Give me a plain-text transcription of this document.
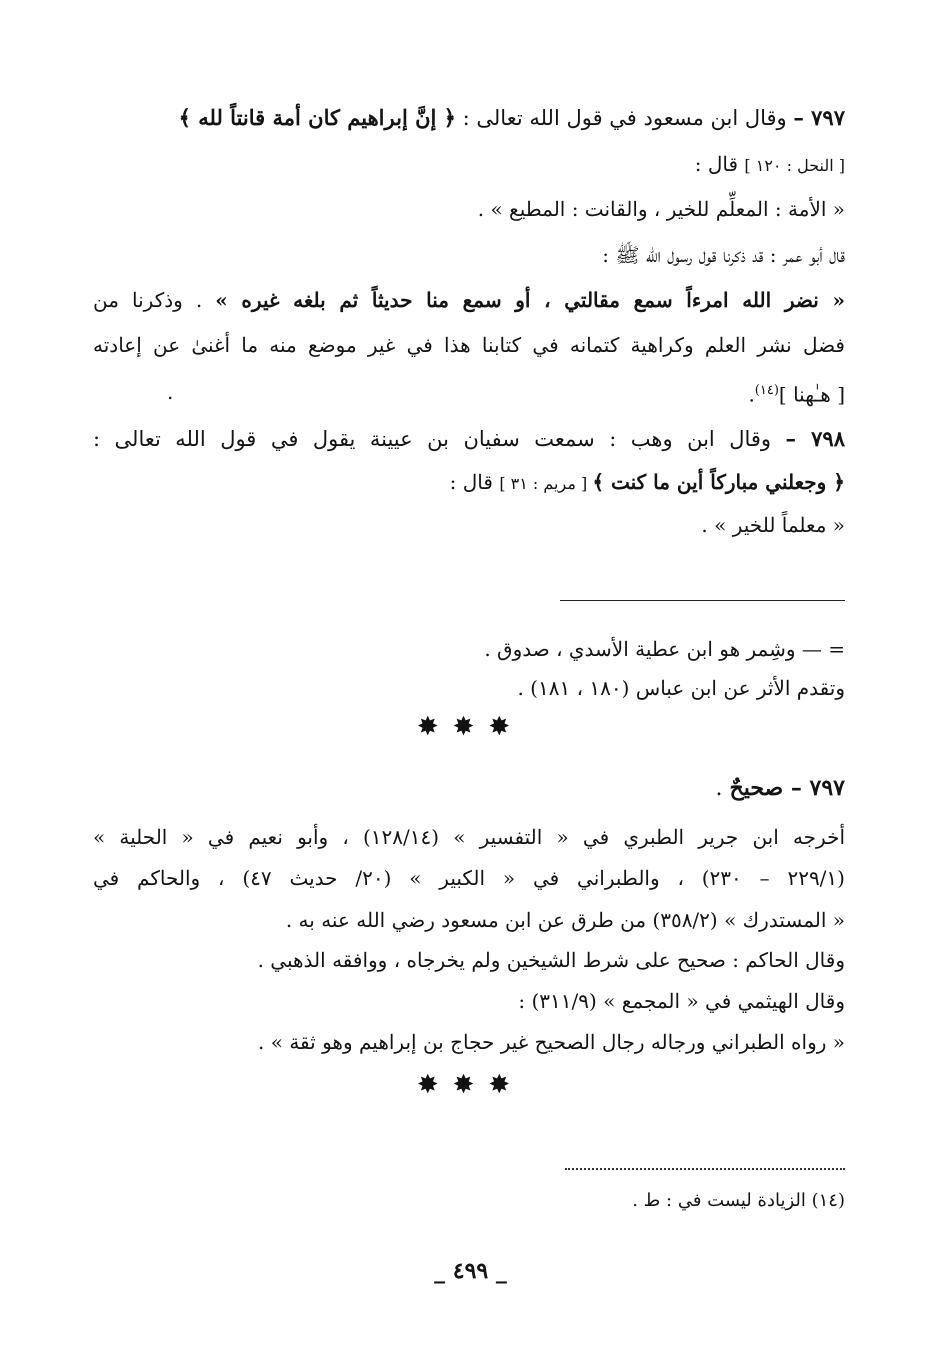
٧٩٧ – وقال ابن مسعود في قول الله تعالى : ﴿ إنَّ إبراهيم كان أمة قانتاً لله ﴾
[ النحل : ١٢٠ ] قال :
« الأمة : المعلِّم للخير ، والقانت : المطيع » .
قال أبو عمر : قد ذكرنا قول رسول الله ﷺ :
« نضر الله امرءاً سمع مقالتي ، أو سمع منا حديثاً ثم بلغه غيره » . وذكرنا من
فضل نشر العلم وكراهية كتمانه في كتابنا هذا في غير موضع منه ما أغنىٰ عن إعادته
[ هـٰهنا ]$^{(١٤)}$.
.
٧٩٨ – وقال ابن وهب : سمعت سفيان بن عيينة يقول في قول الله تعالى :
﴿ وجعلني مباركاً أين ما كنت ﴾ [ مريم : ٣١ ] قال :
« معلماً للخير » .
= — وشِمر هو ابن عطية الأسدي ، صدوق .
وتقدم الأثر عن ابن عباس (١٨٠ ، ١٨١) .
✸✸✸
٧٩٧ – صحيحٌ .
أخرجه ابن جرير الطبري في « التفسير » (١٢٨/١٤) ، وأبو نعيم في « الحلية »
(٢٢٩/١ – ٢٣٠) ، والطبراني في « الكبير » (٢٠/ حديث ٤٧) ، والحاكم في
« المستدرك » (٣٥٨/٢) من طرق عن ابن مسعود رضي الله عنه به .
وقال الحاكم : صحيح على شرط الشيخين ولم يخرجاه ، ووافقه الذهبي .
وقال الهيثمي في « المجمع » (٣١١/٩) :
« رواه الطبراني ورجاله رجال الصحيح غير حجاج بن إبراهيم وهو ثقة » .
✸✸✸
(١٤) الزيادة ليست في : ط .
_ ٤٩٩ _
